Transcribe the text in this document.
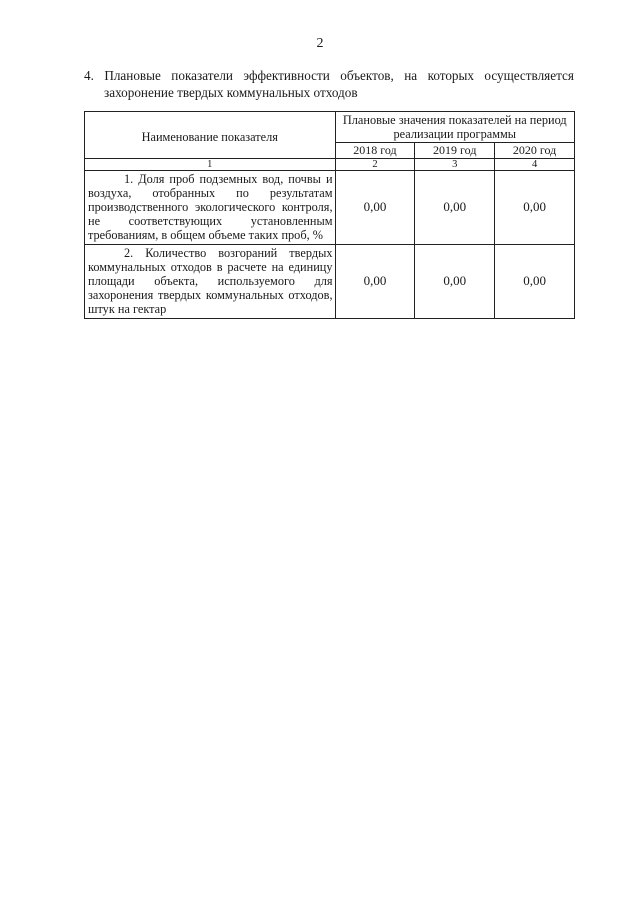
2
4. Плановые показатели эффективности объектов, на которых осуществляется
захоронение твердых коммунальных отходов
Наименование показателя	Плановые значения показателей на период реализации программы		
	2018 год	2019 год	2020 год
1	2	3	4

1. Доля проб подземных вод, почвы и воздуха, отобранных по результатам производственного экологического контроля, не соответствующих установленным требованиям, в общем объеме таких проб, %	0,00	0,00	0,00

2. Количество возгораний твердых коммунальных отходов в расчете на единицу площади объекта, используемого для захоронения твердых коммунальных отходов, штук на гектар	0,00	0,00	0,00
